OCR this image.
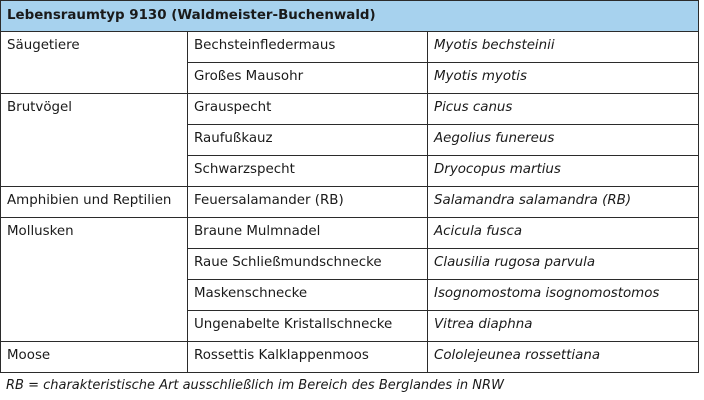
Lebensraumtyp 9130 (Waldmeister-Buchenwald)		
Säugetiere	Bechsteinfledermaus	Myotis bechsteinii
	Großes Mausohr	Myotis myotis
Brutvögel	Grauspecht	Picus canus
	Raufußkauz	Aegolius funereus
	Schwarzspecht	Dryocopus martius
Amphibien und Reptilien	Feuersalamander (RB)	Salamandra salamandra (RB)
Mollusken	Braune Mulmnadel	Acicula fusca
	Raue Schließmundschnecke	Clausilia rugosa parvula
	Maskenschnecke	Isognomostoma isognomostomos
	Ungenabelte Kristallschnecke	Vitrea diaphna
Moose	Rossettis Kalklappenmoos	Cololejeunea rossettiana
RB = charakteristische Art ausschließlich im Bereich des Berglandes in NRW
